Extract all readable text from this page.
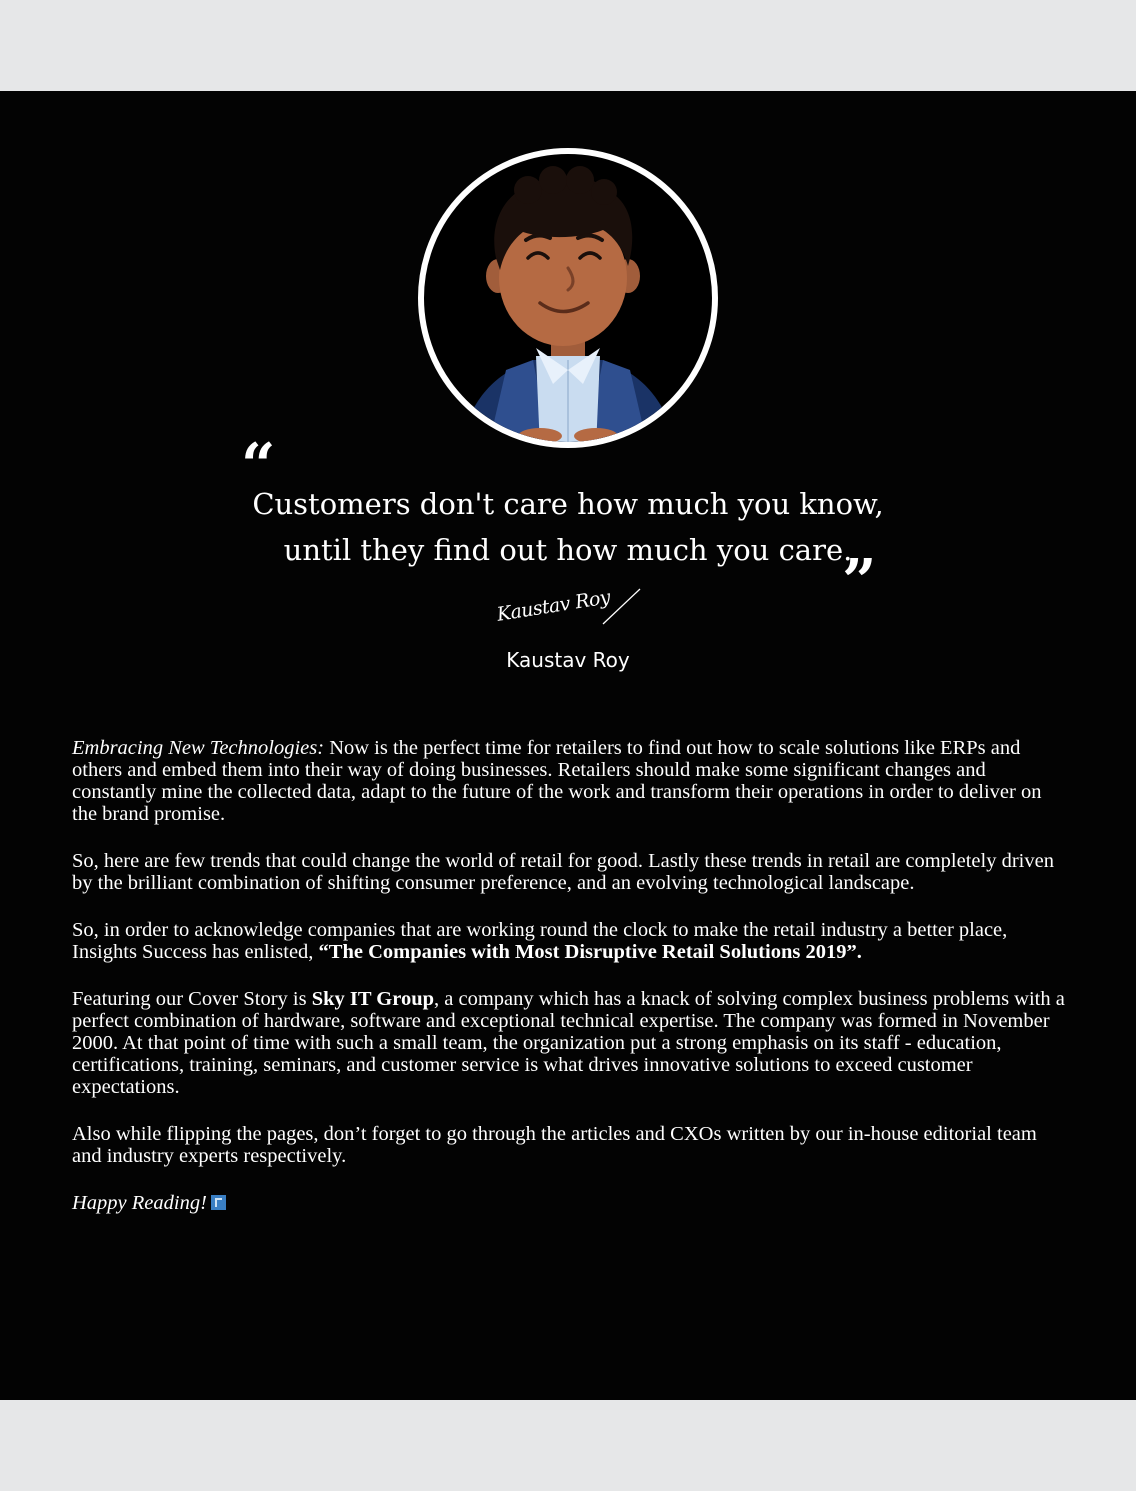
“
Customers don't care how much you know,
until they find out how much you care.
”
Kaustav Roy
Kaustav Roy

Embracing New Technologies: Now is the perfect time for retailers to find out how to scale solutions like ERPs and others and embed them into their way of doing businesses. Retailers should make some significant changes and constantly mine the collected data, adapt to the future of the work and transform their operations in order to deliver on the brand promise.

So, here are few trends that could change the world of retail for good. Lastly these trends in retail are completely driven by the brilliant combination of shifting consumer preference, and an evolving technological landscape.

So, in order to acknowledge companies that are working round the clock to make the retail industry a better place, Insights Success has enlisted, “The Companies with Most Disruptive Retail Solutions 2019”.

Featuring our Cover Story is Sky IT Group, a company which has a knack of solving complex business problems with a perfect combination of hardware, software and exceptional technical expertise. The company was formed in November 2000. At that point of time with such a small team, the organization put a strong emphasis on its staff - education, certifications, training, seminars, and customer service is what drives innovative solutions to exceed customer expectations.

Also while flipping the pages, don’t forget to go through the articles and CXOs written by our in-house editorial team and industry experts respectively.

Happy Reading!
